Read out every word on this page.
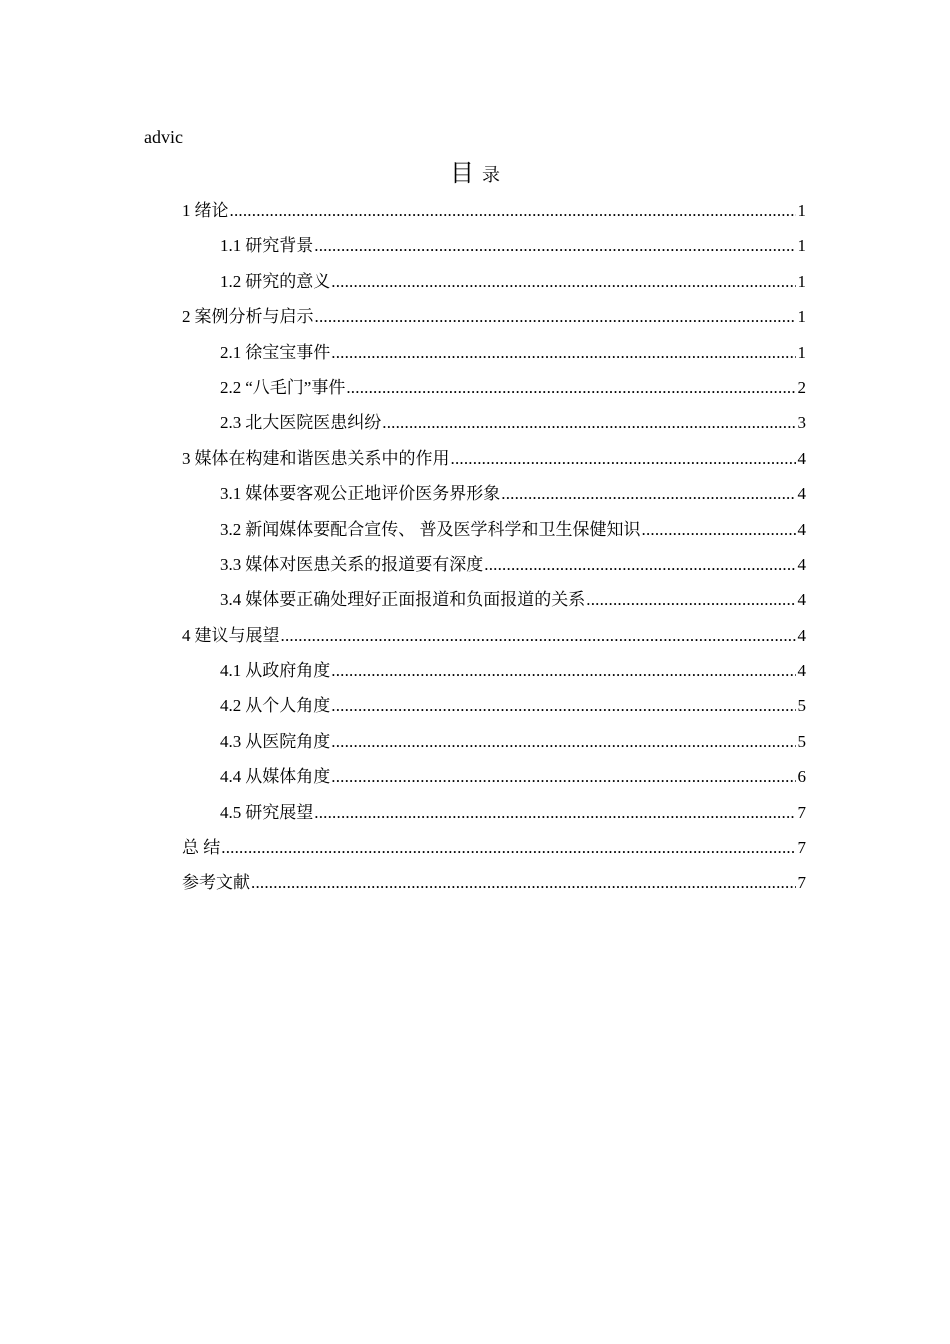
advic
目 录
1 绪论 .....	1
1.1 研究背景 .....	1
1.2 研究的意义 .....	1
2 案例分析与启示 .....	1
2.1 徐宝宝事件 .....	1
2.2 “八毛门”事件 .....	2
2.3 北大医院医患纠纷 .....	3
3 媒体在构建和谐医患关系中的作用 .....	4
3.1 媒体要客观公正地评价医务界形象 .....	4
3.2 新闻媒体要配合宣传、 普及医学科学和卫生保健知识 .....	4
3.3 媒体对医患关系的报道要有深度 .....	4
3.4 媒体要正确处理好正面报道和负面报道的关系 .....	4
4 建议与展望 .....	4
4.1 从政府角度 .....	4
4.2 从个人角度 .....	5
4.3 从医院角度 .....	5
4.4 从媒体角度 .....	6
4.5 研究展望 .....	7
总 结 .....	7
参考文献 .....	7
